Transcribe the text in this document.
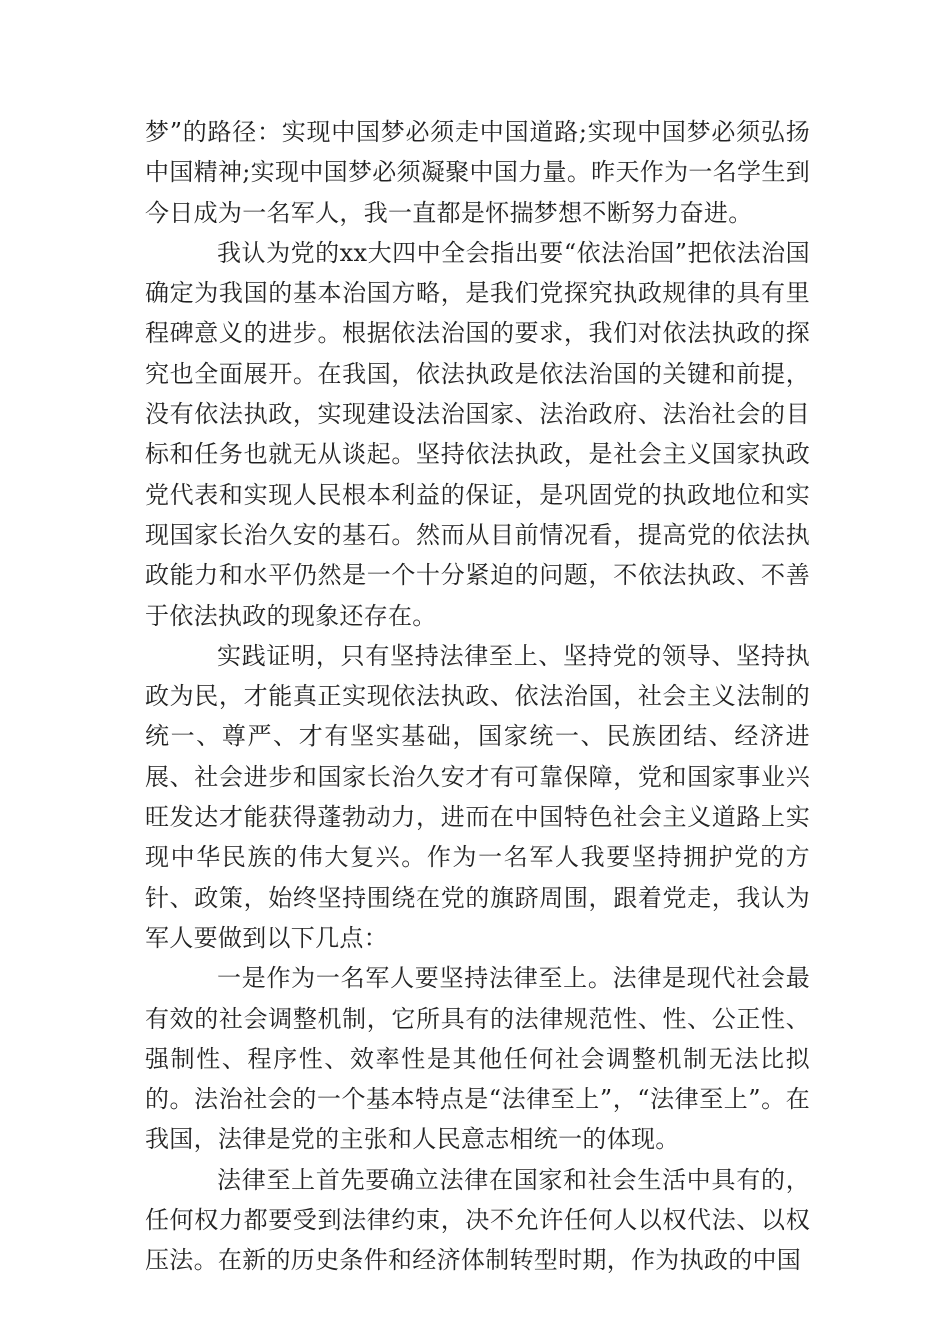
梦”的路径：实现中国梦必须走中国道路;实现中国梦必须弘扬中国精神;实现中国梦必须凝聚中国力量。昨天作为一名学生到今日成为一名军人，我一直都是怀揣梦想不断努力奋进。

我认为党的xx大四中全会指出要“依法治国”把依法治国确定为我国的基本治国方略，是我们党探究执政规律的具有里程碑意义的进步。根据依法治国的要求，我们对依法执政的探究也全面展开。在我国，依法执政是依法治国的关键和前提，没有依法执政，实现建设法治国家、法治政府、法治社会的目标和任务也就无从谈起。坚持依法执政，是社会主义国家执政党代表和实现人民根本利益的保证，是巩固党的执政地位和实现国家长治久安的基石。然而从目前情况看，提高党的依法执政能力和水平仍然是一个十分紧迫的问题，不依法执政、不善于依法执政的现象还存在。

实践证明，只有坚持法律至上、坚持党的领导、坚持执政为民，才能真正实现依法执政、依法治国，社会主义法制的统一、尊严、才有坚实基础，国家统一、民族团结、经济进展、社会进步和国家长治久安才有可靠保障，党和国家事业兴旺发达才能获得蓬勃动力，进而在中国特色社会主义道路上实现中华民族的伟大复兴。作为一名军人我要坚持拥护党的方针、政策，始终坚持围绕在党的旗跻周围，跟着党走，我认为军人要做到以下几点：

一是作为一名军人要坚持法律至上。法律是现代社会最有效的社会调整机制，它所具有的法律规范性、性、公正性、强制性、程序性、效率性是其他任何社会调整机制无法比拟的。法治社会的一个基本特点是“法律至上”，“法律至上”。在我国，法律是党的主张和人民意志相统一的体现。

法律至上首先要确立法律在国家和社会生活中具有的，任何权力都要受到法律约束，决不允许任何人以权代法、以权压法。在新的历史条件和经济体制转型时期，作为执政的中国
